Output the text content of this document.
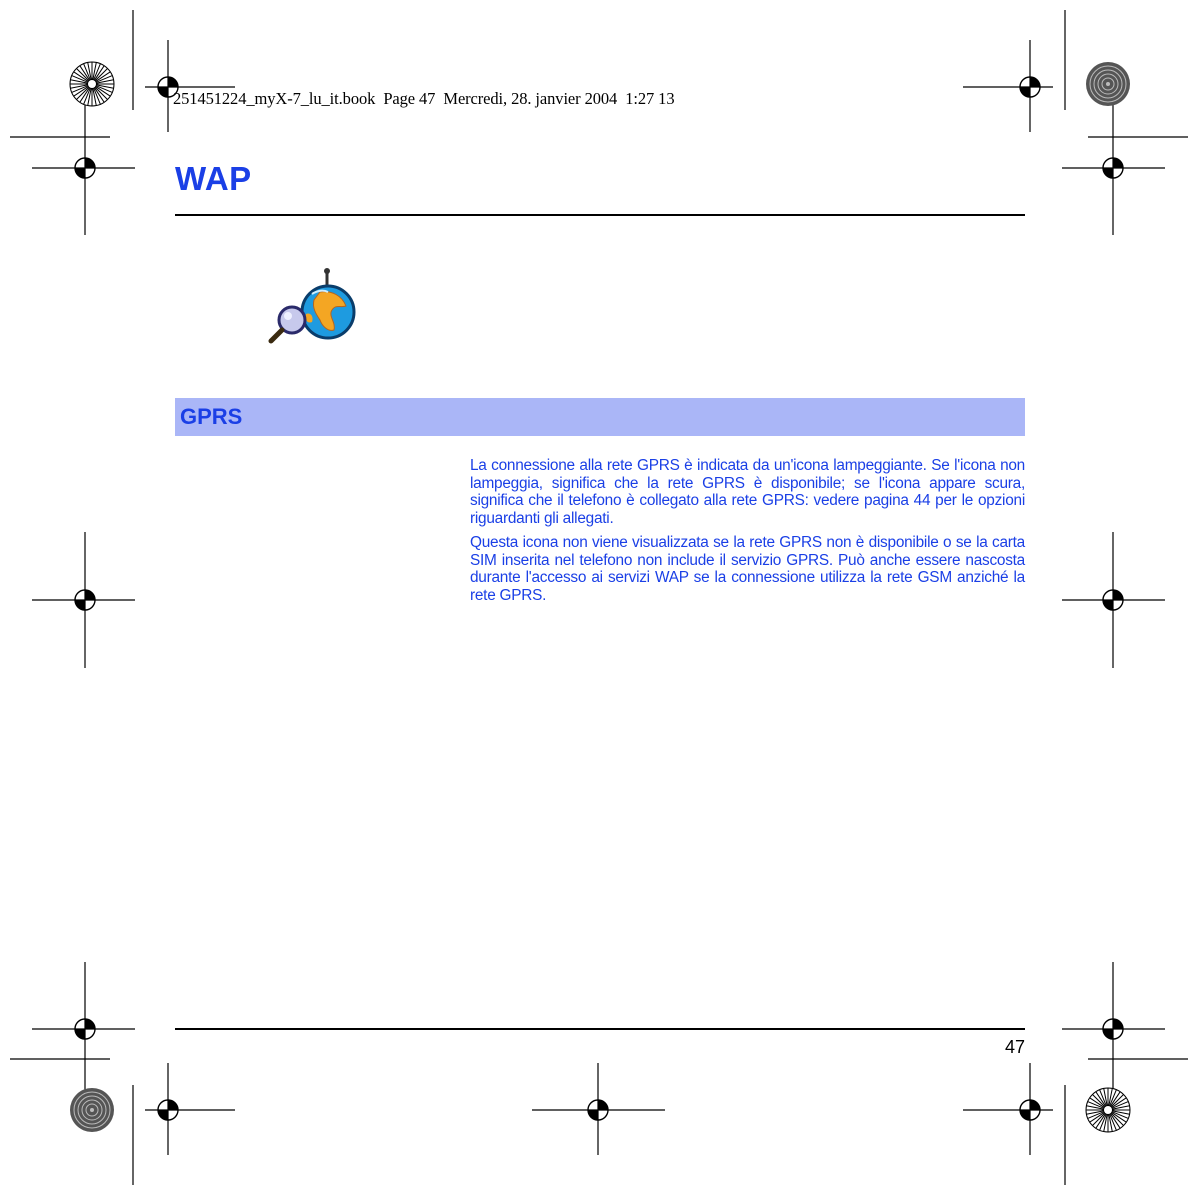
251451224_myX-7_lu_it.book  Page 47  Mercredi, 28. janvier 2004  1:27 13
WAP
GPRS

La connessione alla rete GPRS è indicata da un'icona lampeggiante. Se l'icona non lampeggia, significa che la rete GPRS è disponibile; se l'icona appare scura, significa che il telefono è collegato alla rete GPRS: vedere pagina 44 per le opzioni riguardanti gli allegati.

Questa icona non viene visualizzata se la rete GPRS non è disponibile o se la carta SIM inserita nel telefono non include il servizio GPRS. Può anche essere nascosta durante l'accesso ai servizi WAP se la connessione utilizza la rete GSM anziché la rete GPRS.

47
